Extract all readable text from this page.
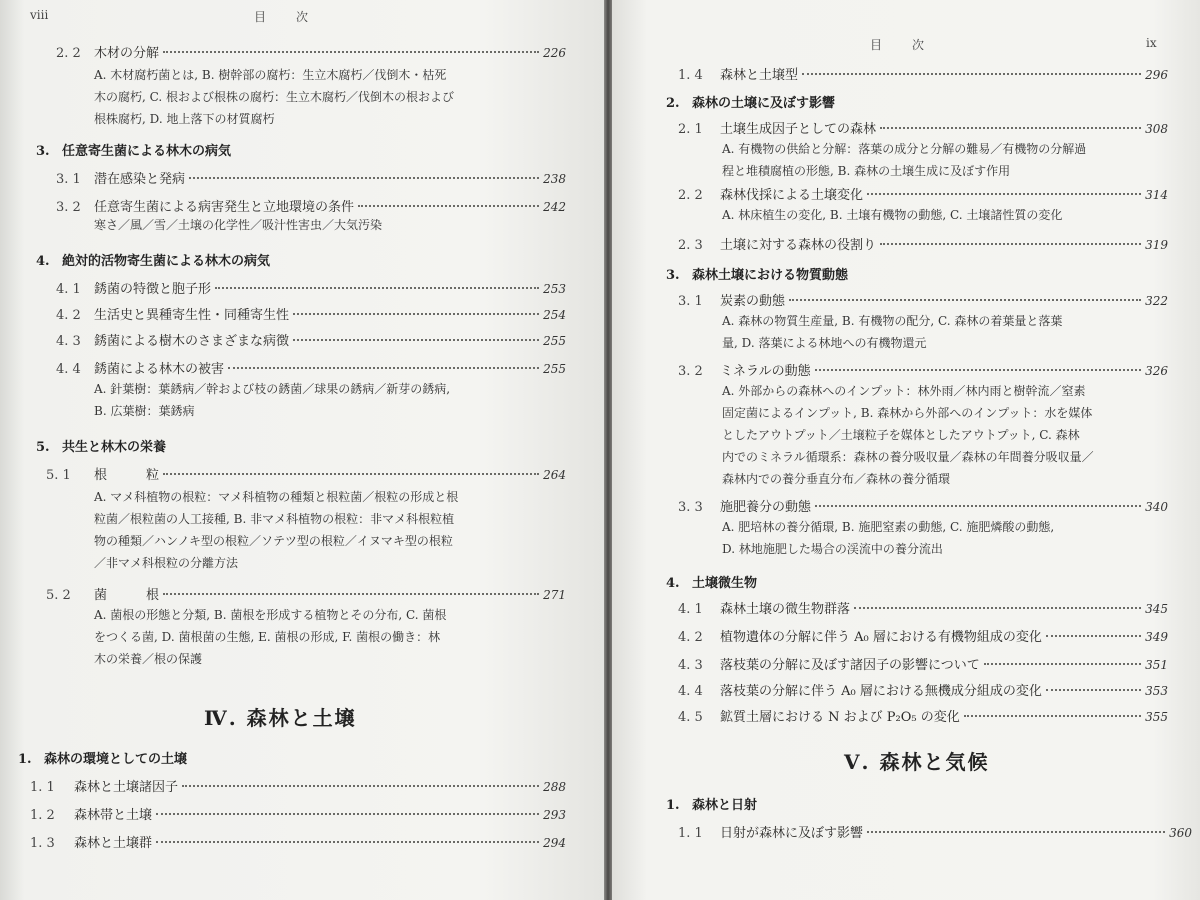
viii	目　　次
2. 2	木材の分解	226
A. 木材腐朽菌とは, B. 樹幹部の腐朽：生立木腐朽／伐倒木・枯死
木の腐朽, C. 根および根株の腐朽：生立木腐朽／伐倒木の根および
根株腐朽, D. 地上落下の材質腐朽
3. 任意寄生菌による林木の病気
3. 1	潜在感染と発病	238
3. 2	任意寄生菌による病害発生と立地環境の条件	242
寒さ／風／雪／土壌の化学性／吸汁性害虫／大気汚染
4. 絶対的活物寄生菌による林木の病気
4. 1	銹菌の特徴と胞子形	253
4. 2	生活史と異種寄生性・同種寄生性	254
4. 3	銹菌による樹木のさまざまな病徴	255
4. 4	銹菌による林木の被害	255
A. 針葉樹：葉銹病／幹および枝の銹菌／球果の銹病／新芽の銹病,
B. 広葉樹：葉銹病
5. 共生と林木の栄養
5. 1	根　　　粒	264
A. マメ科植物の根粒：マメ科植物の種類と根粒菌／根粒の形成と根
粒菌／根粒菌の人工接種, B. 非マメ科植物の根粒：非マメ科根粒植
物の種類／ハンノキ型の根粒／ソテツ型の根粒／イヌマキ型の根粒
／非マメ科根粒の分離方法
5. 2	菌　　　根	271
A. 菌根の形態と分類, B. 菌根を形成する植物とその分布, C. 菌根
をつくる菌, D. 菌根菌の生態, E. 菌根の形成, F. 菌根の働き：林
木の栄養／根の保護
Ⅳ. 森林と土壌
1. 森林の環境としての土壌
1. 1	森林と土壌諸因子	288
1. 2	森林帯と土壌	293
1. 3	森林と土壌群	294
目　　次	ix
1. 4	森林と土壌型	296
2. 森林の土壌に及ぼす影響
2. 1	土壌生成因子としての森林	308
A. 有機物の供給と分解：落葉の成分と分解の難易／有機物の分解過
程と堆積腐植の形態, B. 森林の土壌生成に及ぼす作用
2. 2	森林伐採による土壌変化	314
A. 林床植生の変化, B. 土壌有機物の動態, C. 土壌諸性質の変化
2. 3	土壌に対する森林の役割り	319
3. 森林土壌における物質動態
3. 1	炭素の動態	322
A. 森林の物質生産量, B. 有機物の配分, C. 森林の着葉量と落葉
量, D. 落葉による林地への有機物還元
3. 2	ミネラルの動態	326
A. 外部からの森林へのインプット：林外雨／林内雨と樹幹流／窒素
固定菌によるインプット, B. 森林から外部へのインプット：水を媒体
としたアウトプット／土壌粒子を媒体としたアウトプット, C. 森林
内でのミネラル循環系：森林の養分吸収量／森林の年間養分吸収量／
森林内での養分垂直分布／森林の養分循環
3. 3	施肥養分の動態	340
A. 肥培林の養分循環, B. 施肥窒素の動態, C. 施肥燐酸の動態,
D. 林地施肥した場合の渓流中の養分流出
4. 土壌微生物
4. 1	森林土壌の微生物群落	345
4. 2	植物遺体の分解に伴う A₀ 層における有機物組成の変化	349
4. 3	落枝葉の分解に及ぼす諸因子の影響について	351
4. 4	落枝葉の分解に伴う A₀ 層における無機成分組成の変化	353
4. 5	鉱質土層における N および P₂O₅ の変化	355
Ⅴ. 森林と気候
1. 森林と日射
1. 1	日射が森林に及ぼす影響	360
